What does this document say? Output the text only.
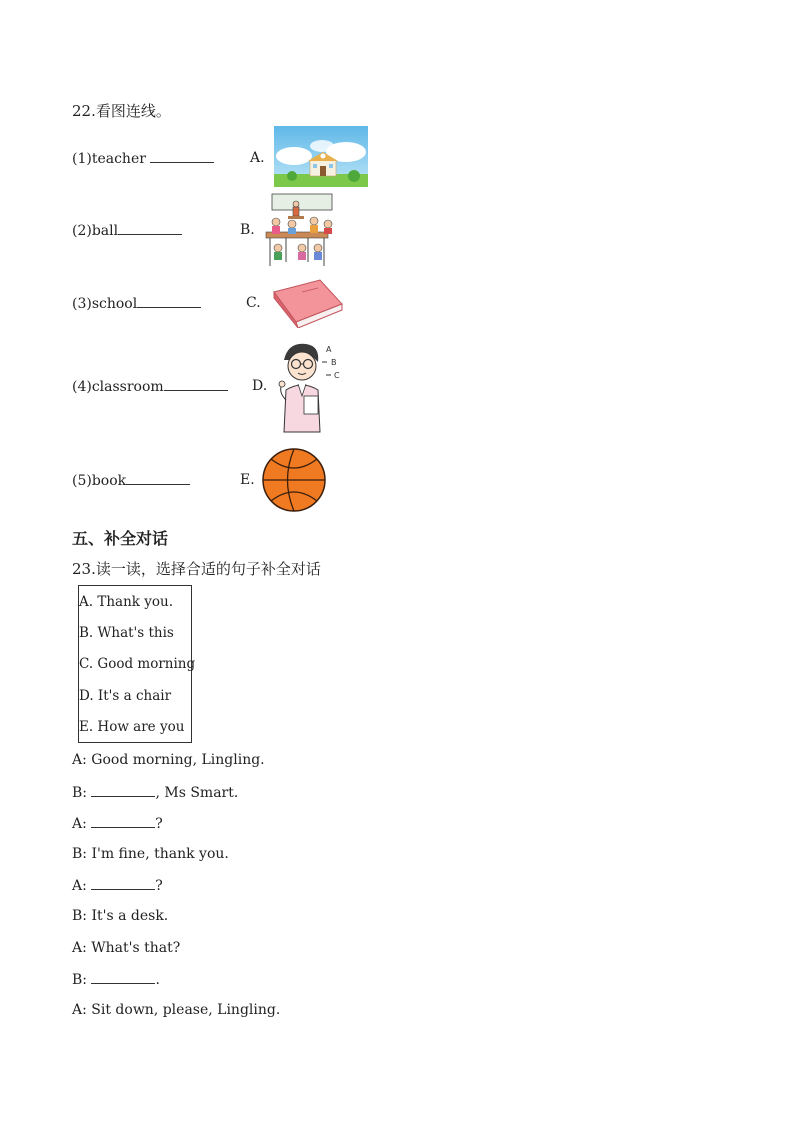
22.看图连线。
(1)teacher	A.
(2)ball	B.
(3)school	C.
(4)classroom	D.
(5)book	E.
A
B
C
五、补全对话
23.读一读，选择合适的句子补全对话
A. Thank you.
B. What's this
C. Good morning
D. It's a chair
E. How are you
A: Good morning, Lingling.
B:	, Ms Smart.
A:	?
B: I'm fine, thank you.
A:	?
B: It's a desk.
A: What's that?
B:	.
A: Sit down, please, Lingling.
